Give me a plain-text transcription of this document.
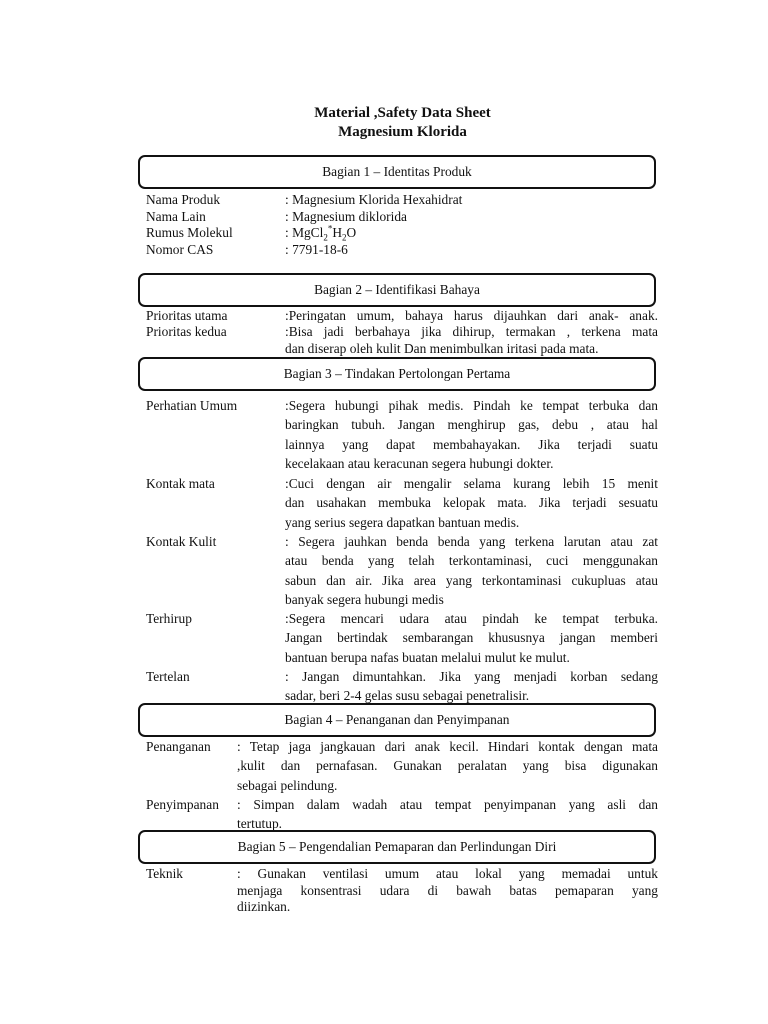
Material ,Safety Data Sheet
Magnesium Klorida
Bagian 1 – Identitas Produk
Nama Produk	: Magnesium Klorida Hexahidrat
Nama Lain	: Magnesium diklorida
Rumus Molekul	: $MgCl_2^*H_2O$
Nomor CAS	: 7791-18-6
Bagian 2 – Identifikasi Bahaya
Prioritas utama	:Peringatan umum, bahaya harus dijauhkan dari anak- anak.
Prioritas kedua	:Bisa jadi berbahaya jika dihirup, termakan , terkena mata
dan diserap oleh kulit Dan menimbulkan iritasi pada mata.
Bagian 3 – Tindakan Pertolongan Pertama
Perhatian Umum	:Segera hubungi pihak medis. Pindah ke tempat terbuka dan
baringkan tubuh. Jangan menghirup gas, debu , atau hal
lainnya yang dapat membahayakan. Jika terjadi suatu
kecelakaan atau keracunan segera hubungi dokter.
Kontak mata	:Cuci dengan air mengalir selama kurang lebih 15 menit
dan usahakan membuka kelopak mata. Jika terjadi sesuatu
yang serius segera dapatkan bantuan medis.
Kontak Kulit	: Segera jauhkan benda benda yang terkena larutan atau zat
atau benda yang telah terkontaminasi, cuci menggunakan
sabun dan air. Jika area yang terkontaminasi cukupluas atau
banyak segera hubungi medis
Terhirup	:Segera mencari udara atau pindah ke tempat terbuka.
Jangan bertindak sembarangan khususnya jangan memberi
bantuan berupa nafas buatan melalui mulut ke mulut.
Tertelan	: Jangan dimuntahkan. Jika yang menjadi korban sedang
sadar, beri 2-4 gelas susu sebagai penetralisir.
Bagian 4 – Penanganan dan Penyimpanan
Penanganan : Tetap jaga jangkauan dari anak kecil. Hindari kontak dengan mata
,kulit dan pernafasan. Gunakan peralatan yang bisa digunakan
sebagai pelindung.
Penyimpanan : Simpan dalam wadah atau tempat penyimpanan yang asli dan
tertutup.
Bagian 5 – Pengendalian Pemaparan dan Perlindungan Diri
Teknik	: Gunakan ventilasi umum atau lokal yang memadai untuk
menjaga konsentrasi udara di bawah batas pemaparan yang
diizinkan.
